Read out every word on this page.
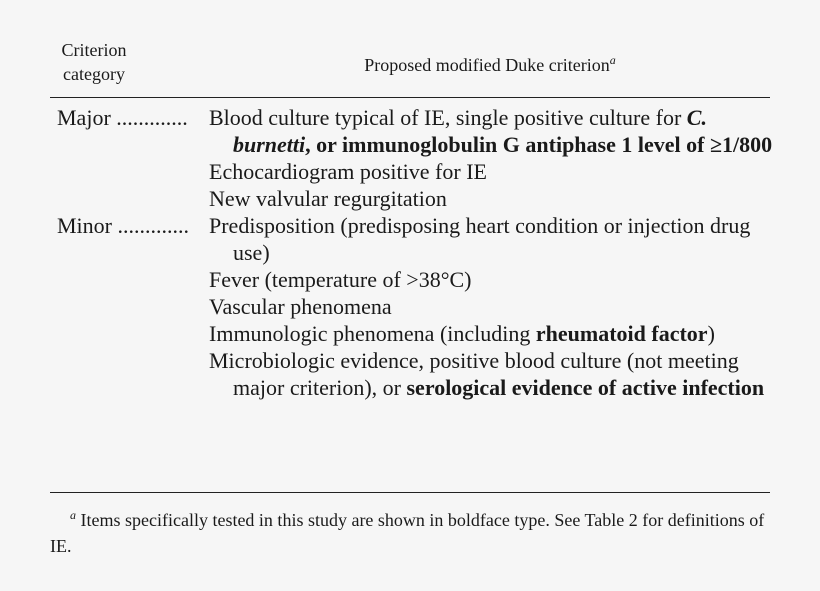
Criterion
category	Proposed modified Duke criterion$^a$
Major ............. Blood culture typical of IE, single positive culture for C. burnetti, or immunoglobulin G antiphase 1 level of ≥1/800
Echocardiogram positive for IE
New valvular regurgitation
Minor ............. Predisposition (predisposing heart condition or injection drug use)
Fever (temperature of >38°C)
Vascular phenomena
Immunologic phenomena (including rheumatoid factor)
Microbiologic evidence, positive blood culture (not meeting major criterion), or serological evidence of active infection
$^a$ Items specifically tested in this study are shown in boldface type. See Table 2 for definitions of IE.
